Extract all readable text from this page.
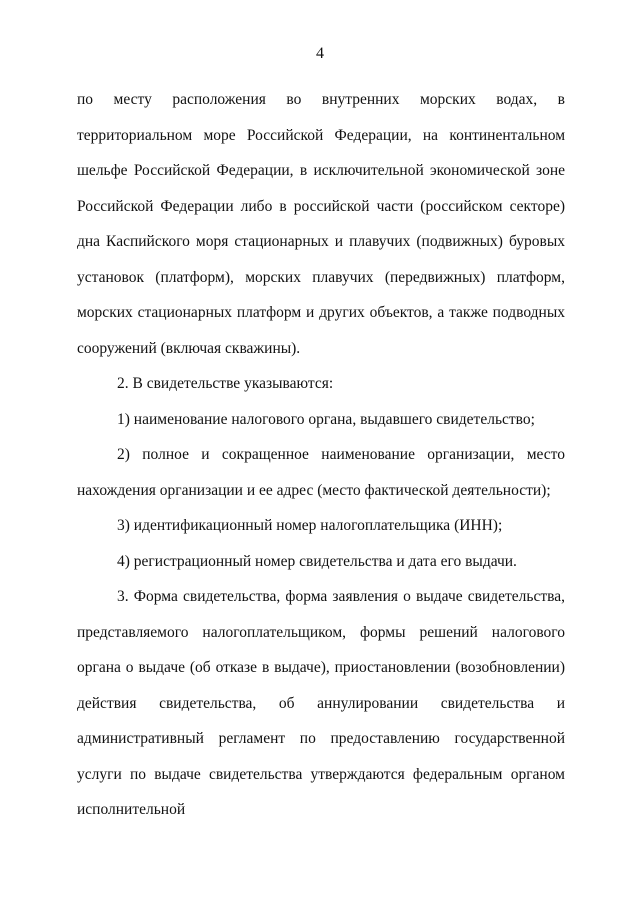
4

по месту расположения во внутренних морских водах, в территориальном море Российской Федерации, на континентальном шельфе Российской Федерации, в исключительной экономической зоне Российской Федерации либо в российской части (российском секторе) дна Каспийского моря стационарных и плавучих (подвижных) буровых установок (платформ), морских плавучих (передвижных) платформ, морских стационарных платформ и других объектов, а также подводных сооружений (включая скважины).

2. В свидетельстве указываются:

1) наименование налогового органа, выдавшего свидетельство;

2) полное и сокращенное наименование организации, место нахождения организации и ее адрес (место фактической деятельности);

3) идентификационный номер налогоплательщика (ИНН);

4) регистрационный номер свидетельства и дата его выдачи.

3. Форма свидетельства, форма заявления о выдаче свидетельства, представляемого налогоплательщиком, формы решений налогового органа о выдаче (об отказе в выдаче), приостановлении (возобновлении) действия свидетельства, об аннулировании свидетельства и административный регламент по предоставлению государственной услуги по выдаче свидетельства утверждаются федеральным органом исполнительной
